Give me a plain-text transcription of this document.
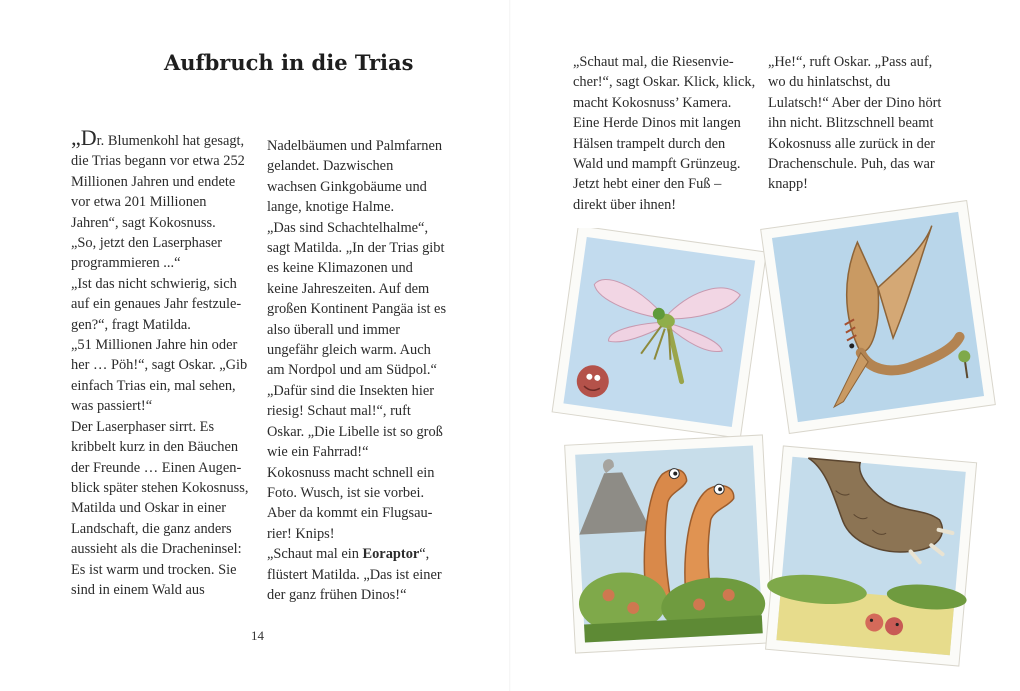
Aufbruch in die Trias
„Dr. Blumenkohl hat gesagt,
die Trias begann vor etwa 252
Millionen Jahren und endete
vor etwa 201 Millionen
Jahren“, sagt Kokosnuss.
„So, jetzt den Laserphaser
programmieren ...“
„Ist das nicht schwierig, sich
auf ein genaues Jahr festzule-
gen?“, fragt Matilda.
„51 Millionen Jahre hin oder
her … Pöh!“, sagt Oskar. „Gib
einfach Trias ein, mal sehen,
was passiert!“
Der Laserphaser sirrt. Es
kribbelt kurz in den Bäuchen
der Freunde … Einen Augen-
blick später stehen Kokosnuss,
Matilda und Oskar in einer
Landschaft, die ganz anders
aussieht als die Dracheninsel:
Es ist warm und trocken. Sie
sind in einem Wald aus
Nadelbäumen und Palmfarnen
gelandet. Dazwischen
wachsen Ginkgobäume und
lange, knotige Halme.
„Das sind Schachtelhalme“,
sagt Matilda. „In der Trias gibt
es keine Klimazonen und
keine Jahreszeiten. Auf dem
großen Kontinent Pangäa ist es
also überall und immer
ungefähr gleich warm. Auch
am Nordpol und am Südpol.“
„Dafür sind die Insekten hier
riesig! Schaut mal!“, ruft
Oskar. „Die Libelle ist so groß
wie ein Fahrrad!“
Kokosnuss macht schnell ein
Foto. Wusch, ist sie vorbei.
Aber da kommt ein Flugsau-
rier! Knips!
„Schaut mal ein Eoraptor“,
flüstert Matilda. „Das ist einer
der ganz frühen Dinos!“
14
„Schaut mal, die Riesenvie-
cher!“, sagt Oskar. Klick, klick,
macht Kokosnuss’ Kamera.
Eine Herde Dinos mit langen
Hälsen trampelt durch den
Wald und mampft Grünzeug.
Jetzt hebt einer den Fuß –
direkt über ihnen!
„He!“, ruft Oskar. „Pass auf,
wo du hinlatschst, du
Lulatsch!“ Aber der Dino hört
ihn nicht. Blitzschnell beamt
Kokosnuss alle zurück in der
Drachenschule. Puh, das war
knapp!
